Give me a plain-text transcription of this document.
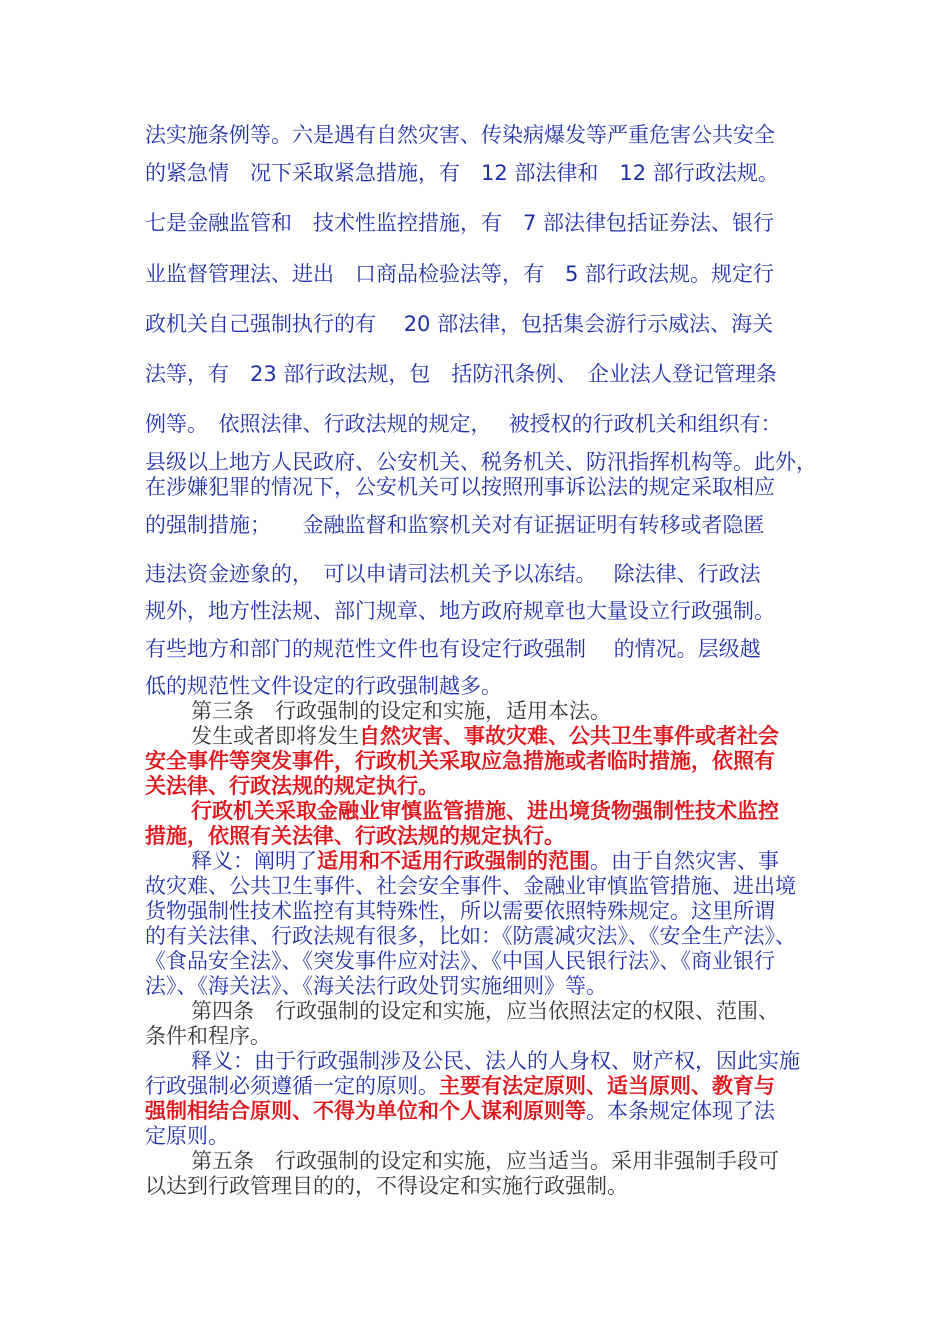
法实施条例等。六是遇有自然灾害、传染病爆发等严重危害公共安全
的紧急情　况下采取紧急措施，有　12 部法律和　12 部行政法规。
七是金融监管和　技术性监控措施，有　7 部法律包括证券法、银行
业监督管理法、进出　口商品检验法等，有　5 部行政法规。规定行
政机关自己强制执行的有　 20 部法律，包括集会游行示威法、海关
法等，有　23 部行政法规，包　括防汛条例、　企业法人登记管理条
例等。　依照法律、行政法规的规定，　 被授权的行政机关和组织有：
县级以上地方人民政府、公安机关、税务机关、防汛指挥机构等。此外，
在涉嫌犯罪的情况下，公安机关可以按照刑事诉讼法的规定采取相应
的强制措施；　　金融监督和监察机关对有证据证明有转移或者隐匿
违法资金迹象的，　可以申请司法机关予以冻结。　 除法律、行政法
规外，地方性法规、部门规章、地方政府规章也大量设立行政强制。
有些地方和部门的规范性文件也有设定行政强制　 的情况。层级越
低的规范性文件设定的行政强制越多。
第三条　行政强制的设定和实施，适用本法。
发生或者即将发生自然灾害、事故灾难、公共卫生事件或者社会
安全事件等突发事件，行政机关采取应急措施或者临时措施，依照有
关法律、行政法规的规定执行。
行政机关采取金融业审慎监管措施、进出境货物强制性技术监控
措施，依照有关法律、行政法规的规定执行。
释义：阐明了适用和不适用行政强制的范围。由于自然灾害、事
故灾难、公共卫生事件、社会安全事件、金融业审慎监管措施、进出境
货物强制性技术监控有其特殊性，所以需要依照特殊规定。这里所谓
的有关法律、行政法规有很多，比如：《防震减灾法》、《安全生产法》、
《食品安全法》、《突发事件应对法》、《中国人民银行法》、《商业银行
法》、《海关法》、《海关法行政处罚实施细则》等。
第四条　行政强制的设定和实施，应当依照法定的权限、范围、
条件和程序。
释义：由于行政强制涉及公民、法人的人身权、财产权，因此实施
行政强制必须遵循一定的原则。主要有法定原则、适当原则、教育与
强制相结合原则、不得为单位和个人谋利原则等。本条规定体现了法
定原则。
第五条　行政强制的设定和实施，应当适当。采用非强制手段可
以达到行政管理目的的，不得设定和实施行政强制。
